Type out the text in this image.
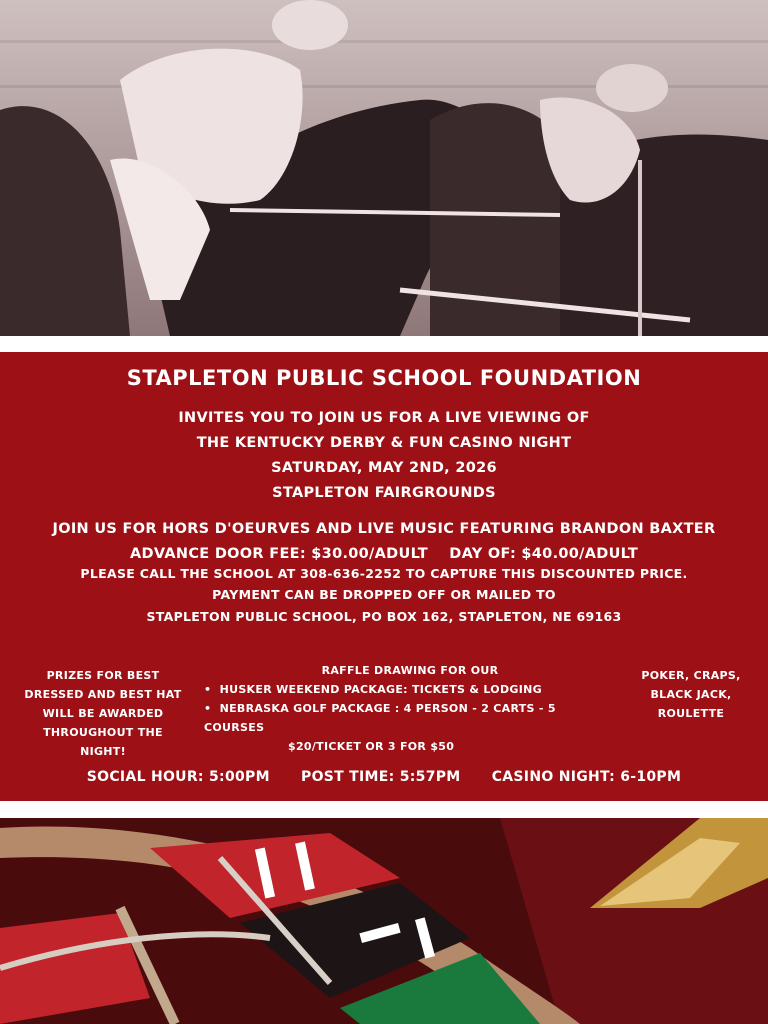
STAPLETON PUBLIC SCHOOL FOUNDATION
INVITES YOU TO JOIN US FOR A LIVE VIEWING OF
THE KENTUCKY DERBY & FUN CASINO NIGHT
SATURDAY, MAY 2ND, 2026
STAPLETON FAIRGROUNDS
JOIN US FOR HORS D'OEURVES AND LIVE MUSIC FEATURING BRANDON BAXTER
ADVANCE DOOR FEE: $30.00/ADULT    DAY OF: $40.00/ADULT
PLEASE CALL THE SCHOOL AT 308-636-2252 TO CAPTURE THIS DISCOUNTED PRICE.
PAYMENT CAN BE DROPPED OFF OR MAILED TO
STAPLETON PUBLIC SCHOOL, PO BOX 162, STAPLETON, NE 69163
PRIZES FOR BEST
DRESSED AND BEST HAT
WILL BE AWARDED
THROUGHOUT THE
NIGHT!
RAFFLE DRAWING FOR OUR
•  HUSKER WEEKEND PACKAGE: TICKETS & LODGING
•  NEBRASKA GOLF PACKAGE : 4 PERSON - 2 CARTS - 5 COURSES
$20/TICKET OR 3 FOR $50
POKER, CRAPS,
BLACK JACK,
ROULETTE
SOCIAL HOUR: 5:00PM POST TIME: 5:57PM CASINO NIGHT: 6-10PM
